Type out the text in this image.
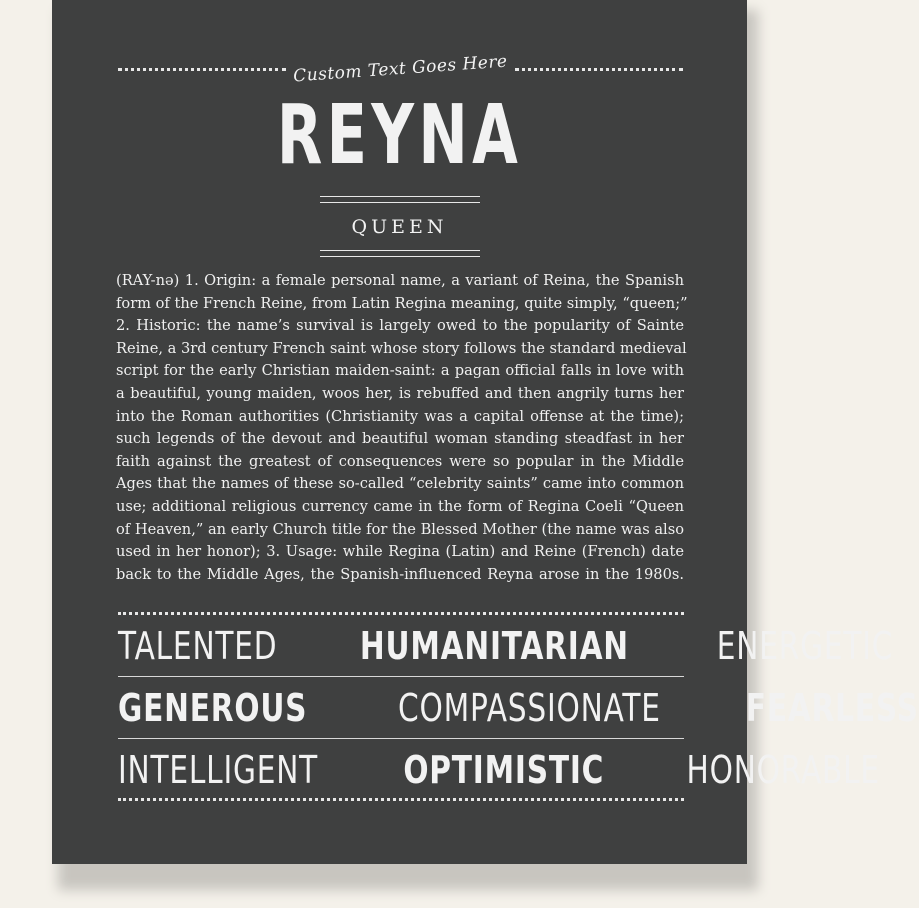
Custom Text Goes Here
REYNA
QUEEN

(RAY-nə) 1. Origin: a female personal name, a variant of Reina, the Spanish
form of the French Reine, from Latin Regina meaning, quite simply, “queen;”
2. Historic: the name’s survival is largely owed to the popularity of Sainte
Reine, a 3rd century French saint whose story follows the standard medieval
script for the early Christian maiden-saint: a pagan official falls in love with
a beautiful, young maiden, woos her, is rebuffed and then angrily turns her
into the Roman authorities (Christianity was a capital offense at the time);
such legends of the devout and beautiful woman standing steadfast in her
faith against the greatest of consequences were so popular in the Middle
Ages that the names of these so-called “celebrity saints” came into common
use; additional religious currency came in the form of Regina Coeli “Queen
of Heaven,” an early Church title for the Blessed Mother (the name was also
used in her honor); 3. Usage: while Regina (Latin) and Reine (French) date
back to the Middle Ages, the Spanish-influenced Reyna arose in the 1980s.

TALENTED HUMANITARIAN ENERGETIC
GENEROUS COMPASSIONATE FEARLESS
INTELLIGENT OPTIMISTIC HONORABLE
